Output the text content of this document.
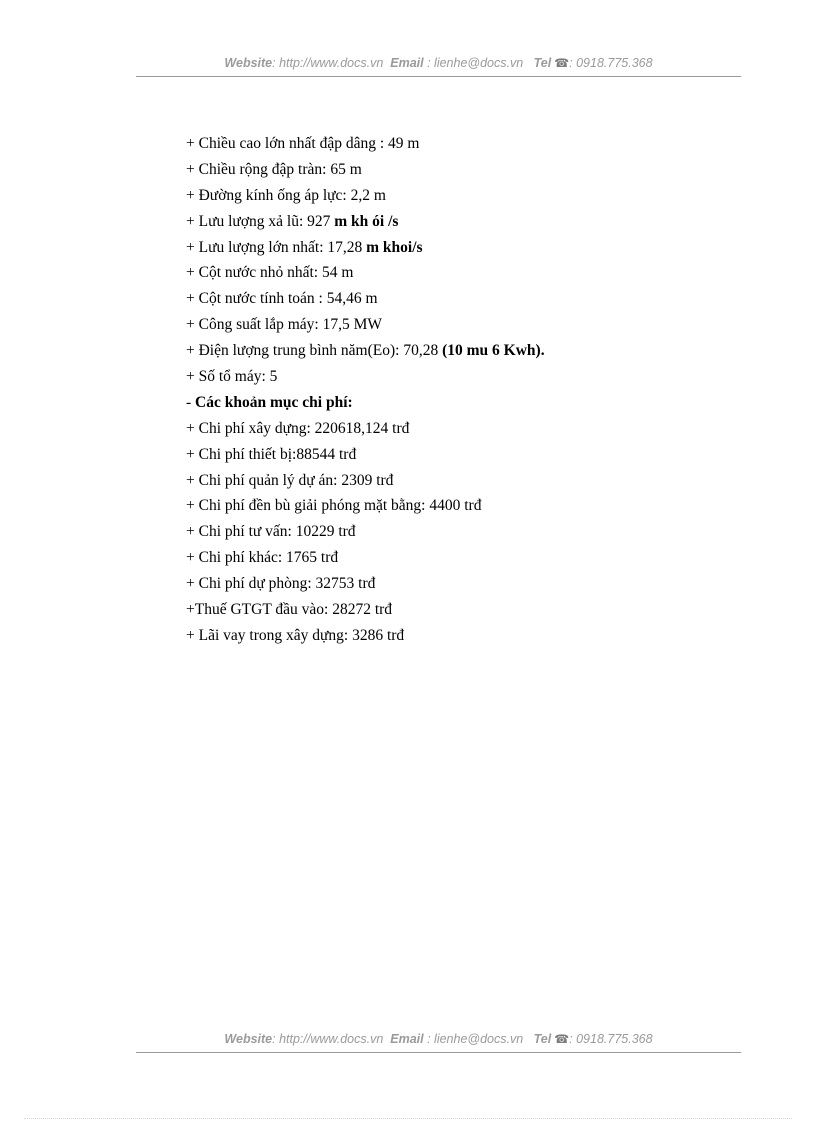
Website: http://www.docs.vn Email : lienhe@docs.vn Tel ☎: 0918.775.368
+ Chiều cao lớn nhất đập dâng : 49 m
+ Chiều rộng đập tràn: 65 m
+ Đường kính ống áp lực: 2,2 m
+ Lưu lượng xả lũ: 927 m kh ói /s
+ Lưu lượng lớn nhất: 17,28 m khoi/s
+ Cột nước nhỏ nhất: 54 m
+ Cột nước tính toán : 54,46 m
+ Công suất lắp máy: 17,5 MW
+ Điện lượng trung bình năm(Eo): 70,28 (10 mu 6 Kwh).
+ Số tổ máy: 5
- Các khoản mục chi phí:
+ Chi phí xây dựng: 220618,124 trđ
+ Chi phí thiết bị:88544 trđ
+ Chi phí quản lý dự án: 2309 trđ
+ Chi phí đền bù giải phóng mặt bằng: 4400 trđ
+ Chi phí tư vấn: 10229 trđ
+ Chi phí khác: 1765 trđ
+ Chi phí dự phòng: 32753 trđ
+Thuế GTGT đầu vào: 28272 trđ
+ Lãi vay trong xây dựng: 3286 trđ
Website: http://www.docs.vn Email : lienhe@docs.vn Tel ☎: 0918.775.368
